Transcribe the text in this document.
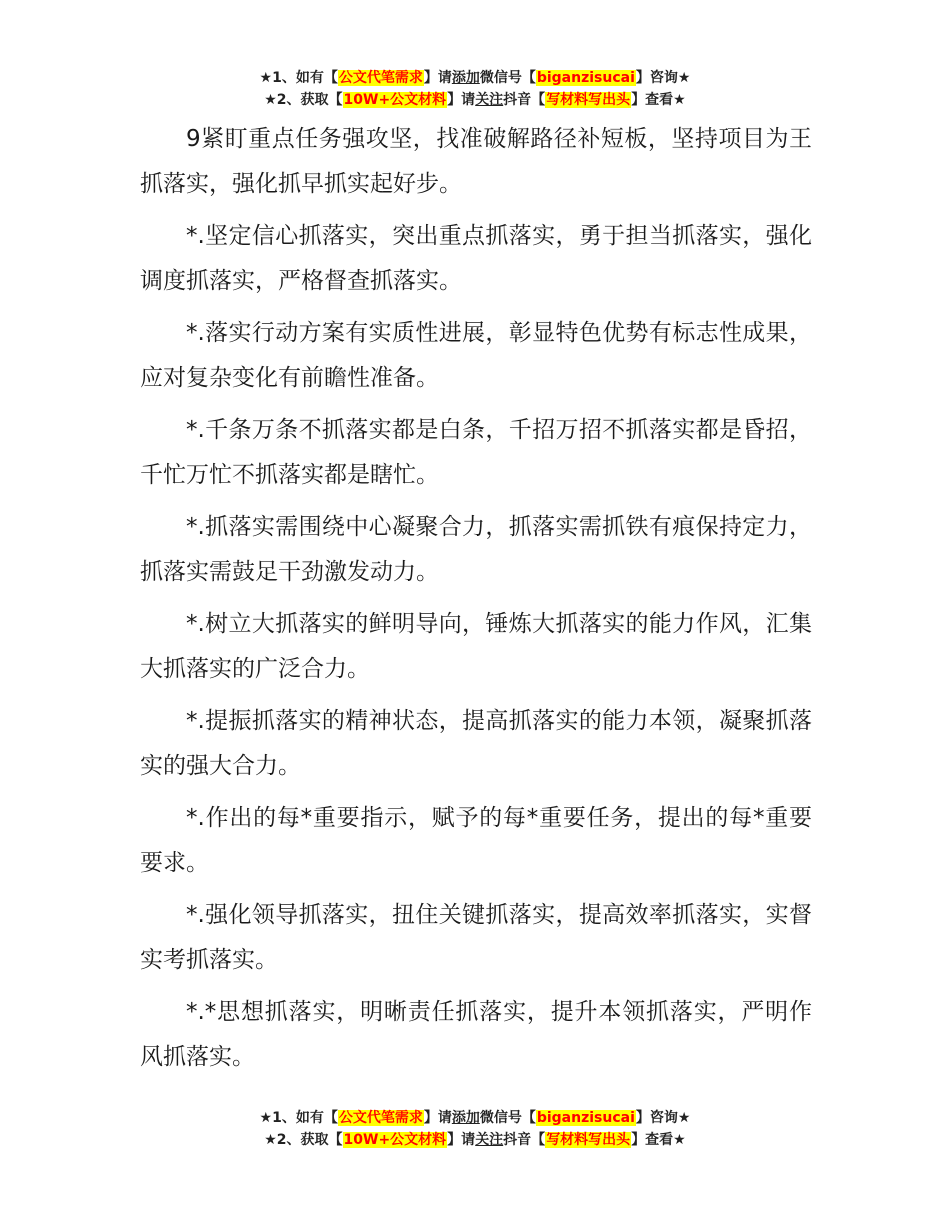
★1、如有【公文代笔需求】请添加微信号【biganzisucai】咨询★
★2、获取【10W+公文材料】请关注抖音【写材料写出头】查看★

9紧盯重点任务强攻坚，找准破解路径补短板，坚持项目为王抓落实，强化抓早抓实起好步。

*.坚定信心抓落实，突出重点抓落实，勇于担当抓落实，强化调度抓落实，严格督查抓落实。

*.落实行动方案有实质性进展，彰显特色优势有标志性成果，应对复杂变化有前瞻性准备。

*.千条万条不抓落实都是白条，千招万招不抓落实都是昏招，千忙万忙不抓落实都是瞎忙。

*.抓落实需围绕中心凝聚合力，抓落实需抓铁有痕保持定力，抓落实需鼓足干劲激发动力。

*.树立大抓落实的鲜明导向，锤炼大抓落实的能力作风，汇集大抓落实的广泛合力。

*.提振抓落实的精神状态，提高抓落实的能力本领，凝聚抓落实的强大合力。

*.作出的每*重要指示，赋予的每*重要任务，提出的每*重要要求。

*.强化领导抓落实，扭住关键抓落实，提高效率抓落实，实督实考抓落实。

*.*思想抓落实，明晰责任抓落实，提升本领抓落实，严明作风抓落实。

★1、如有【公文代笔需求】请添加微信号【biganzisucai】咨询★
★2、获取【10W+公文材料】请关注抖音【写材料写出头】查看★
